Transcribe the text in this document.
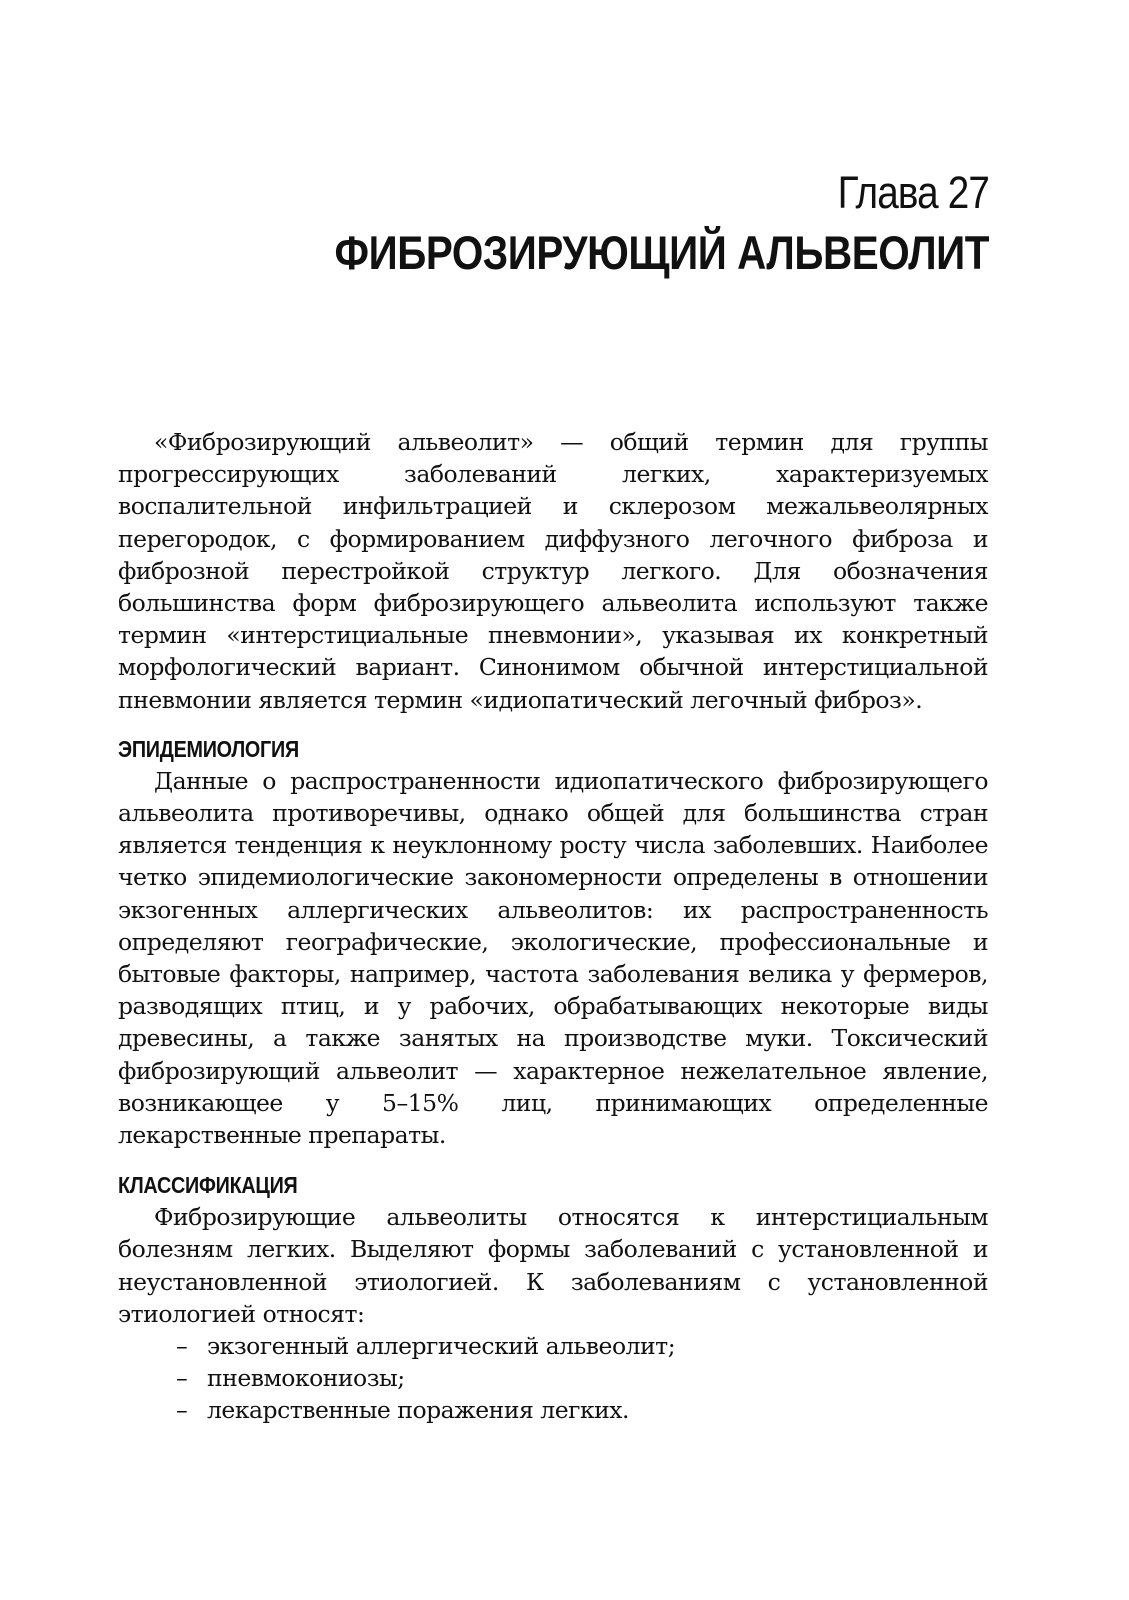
Глава 27
ФИБРОЗИРУЮЩИЙ АЛЬВЕОЛИТ

«Фиброзирующий альвеолит» — общий термин для группы прогрессирующих заболеваний легких, характеризуемых воспалительной инфильтрацией и склерозом межальвеолярных перегородок, с формированием диффузного легочного фиброза и фиброзной перестройкой структур легкого. Для обозначения большинства форм фиброзирующего альвеолита используют также термин «интерстициальные пневмонии», указывая их конкретный морфологический вариант. Синонимом обычной интерстициальной пневмонии является термин «идиопатический легочный фиброз».

ЭПИДЕМИОЛОГИЯ

Данные о распространенности идиопатического фиброзирующего альвеолита противоречивы, однако общей для большинства стран является тенденция к неуклонному росту числа заболевших. Наиболее четко эпидемиологические закономерности определены в отношении экзогенных аллергических альвеолитов: их распространенность определяют географические, экологические, профессиональные и бытовые факторы, например, частота заболевания велика у фермеров, разводящих птиц, и у рабочих, обрабатывающих некоторые виды древесины, а также занятых на производстве муки. Токсический фиброзирующий альвеолит — характерное нежелательное явление, возникающее у 5–15% лиц, принимающих определенные лекарственные препараты.

КЛАССИФИКАЦИЯ

Фиброзирующие альвеолиты относятся к интерстициальным болезням легких. Выделяют формы заболеваний с установленной и неустановленной этиологией. К заболеваниям с установленной этиологией относят:

– экзогенный аллергический альвеолит;
– пневмокониозы;
– лекарственные поражения легких.
